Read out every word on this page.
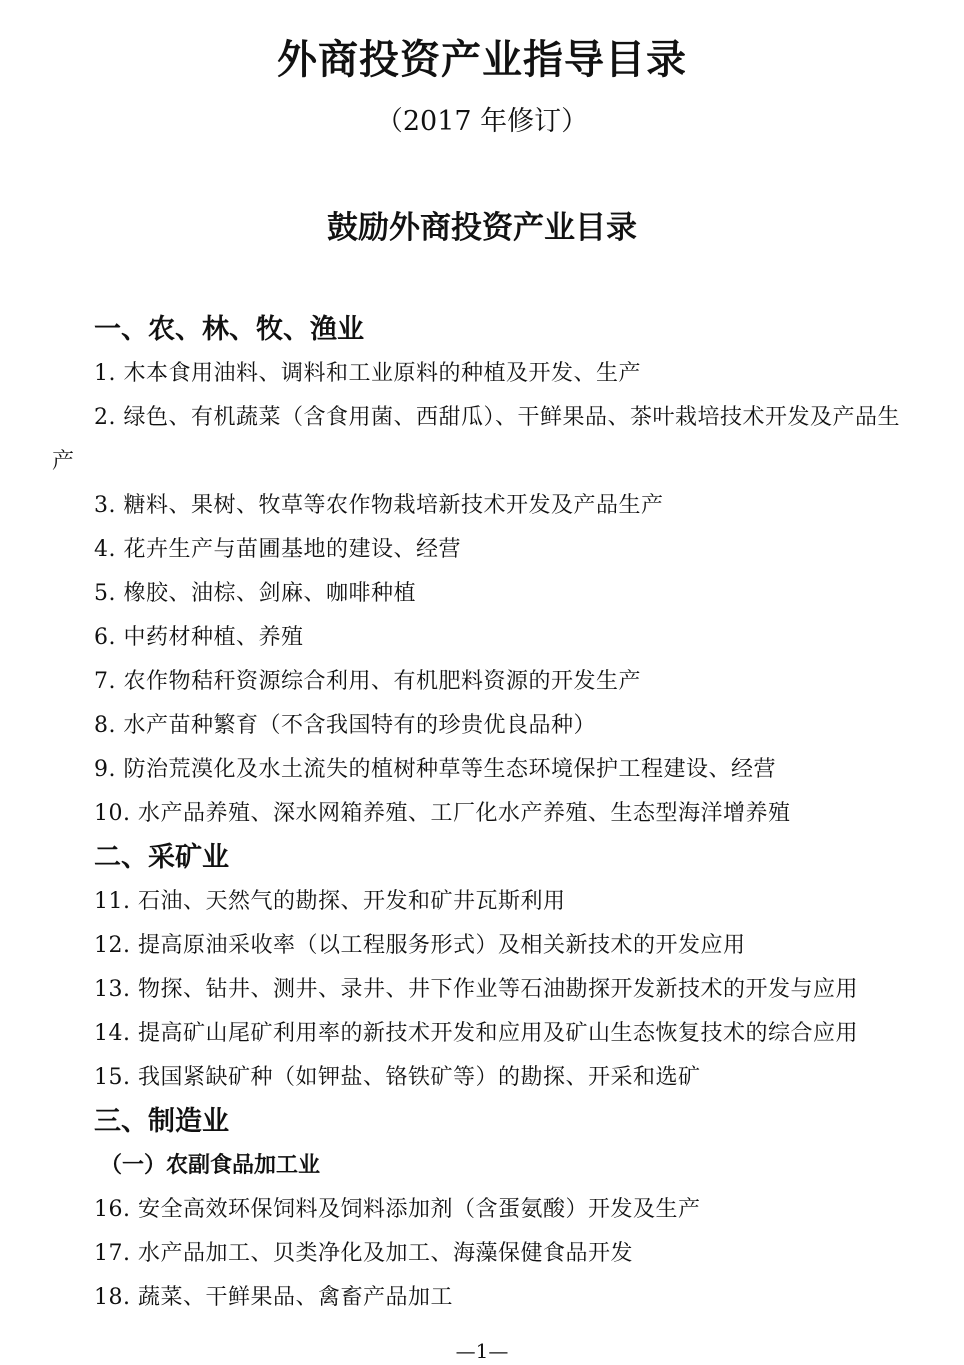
外商投资产业指导目录
（2017 年修订）
鼓励外商投资产业目录
一、农、林、牧、渔业
1. 木本食用油料、调料和工业原料的种植及开发、生产
2. 绿色、有机蔬菜（含食用菌、西甜瓜）、干鲜果品、茶叶栽培技术开发及产品生产
3. 糖料、果树、牧草等农作物栽培新技术开发及产品生产
4. 花卉生产与苗圃基地的建设、经营
5. 橡胶、油棕、剑麻、咖啡种植
6. 中药材种植、养殖
7. 农作物秸秆资源综合利用、有机肥料资源的开发生产
8. 水产苗种繁育（不含我国特有的珍贵优良品种）
9. 防治荒漠化及水土流失的植树种草等生态环境保护工程建设、经营
10. 水产品养殖、深水网箱养殖、工厂化水产养殖、生态型海洋增养殖
二、采矿业
11. 石油、天然气的勘探、开发和矿井瓦斯利用
12. 提高原油采收率（以工程服务形式）及相关新技术的开发应用
13. 物探、钻井、测井、录井、井下作业等石油勘探开发新技术的开发与应用
14. 提高矿山尾矿利用率的新技术开发和应用及矿山生态恢复技术的综合应用
15. 我国紧缺矿种（如钾盐、铬铁矿等）的勘探、开采和选矿
三、制造业
（一）农副食品加工业
16. 安全高效环保饲料及饲料添加剂（含蛋氨酸）开发及生产
17. 水产品加工、贝类净化及加工、海藻保健食品开发
18. 蔬菜、干鲜果品、禽畜产品加工
—1—
